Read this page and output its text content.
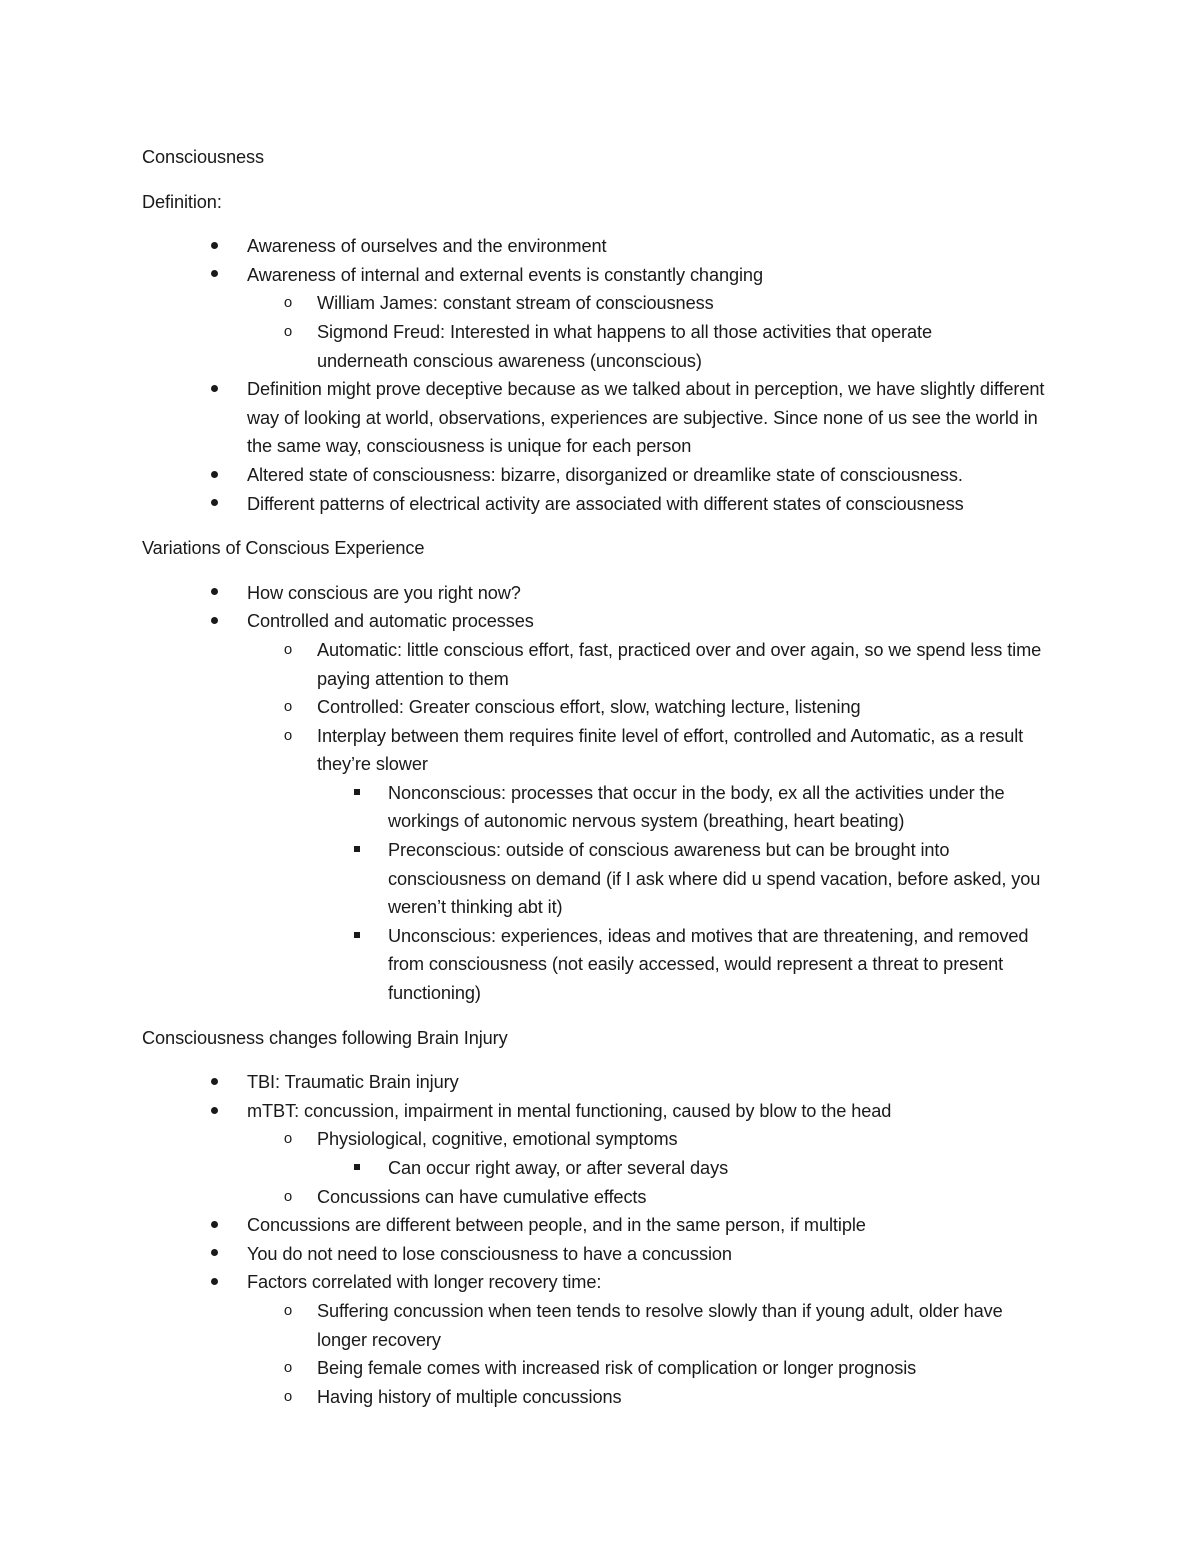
Consciousness

Definition:

Awareness of ourselves and the environment
Awareness of internal and external events is constantly changing
o	William James: constant stream of consciousness
o	Sigmond Freud: Interested in what happens to all those activities that operate underneath conscious awareness (unconscious)
Definition might prove deceptive because as we talked about in perception, we have slightly different way of looking at world, observations, experiences are subjective. Since none of us see the world in the same way, consciousness is unique for each person
Altered state of consciousness: bizarre, disorganized or dreamlike state of consciousness.
Different patterns of electrical activity are associated with different states of consciousness

Variations of Conscious Experience

How conscious are you right now?
Controlled and automatic processes
o	Automatic: little conscious effort, fast, practiced over and over again, so we spend less time paying attention to them
o	Controlled: Greater conscious effort, slow, watching lecture, listening
o	Interplay between them requires finite level of effort, controlled and Automatic, as a result they’re slower
Nonconscious: processes that occur in the body, ex all the activities under the workings of autonomic nervous system (breathing, heart beating)
Preconscious: outside of conscious awareness but can be brought into consciousness on demand (if I ask where did u spend vacation, before asked, you weren’t thinking abt it)
Unconscious: experiences, ideas and motives that are threatening, and removed from consciousness (not easily accessed, would represent a threat to present functioning)

Consciousness changes following Brain Injury

TBI: Traumatic Brain injury
mTBT: concussion, impairment in mental functioning, caused by blow to the head
o	Physiological, cognitive, emotional symptoms
Can occur right away, or after several days
o	Concussions can have cumulative effects
Concussions are different between people, and in the same person, if multiple
You do not need to lose consciousness to have a concussion
Factors correlated with longer recovery time:
o	Suffering concussion when teen tends to resolve slowly than if young adult, older have longer recovery
o	Being female comes with increased risk of complication or longer prognosis
o	Having history of multiple concussions
